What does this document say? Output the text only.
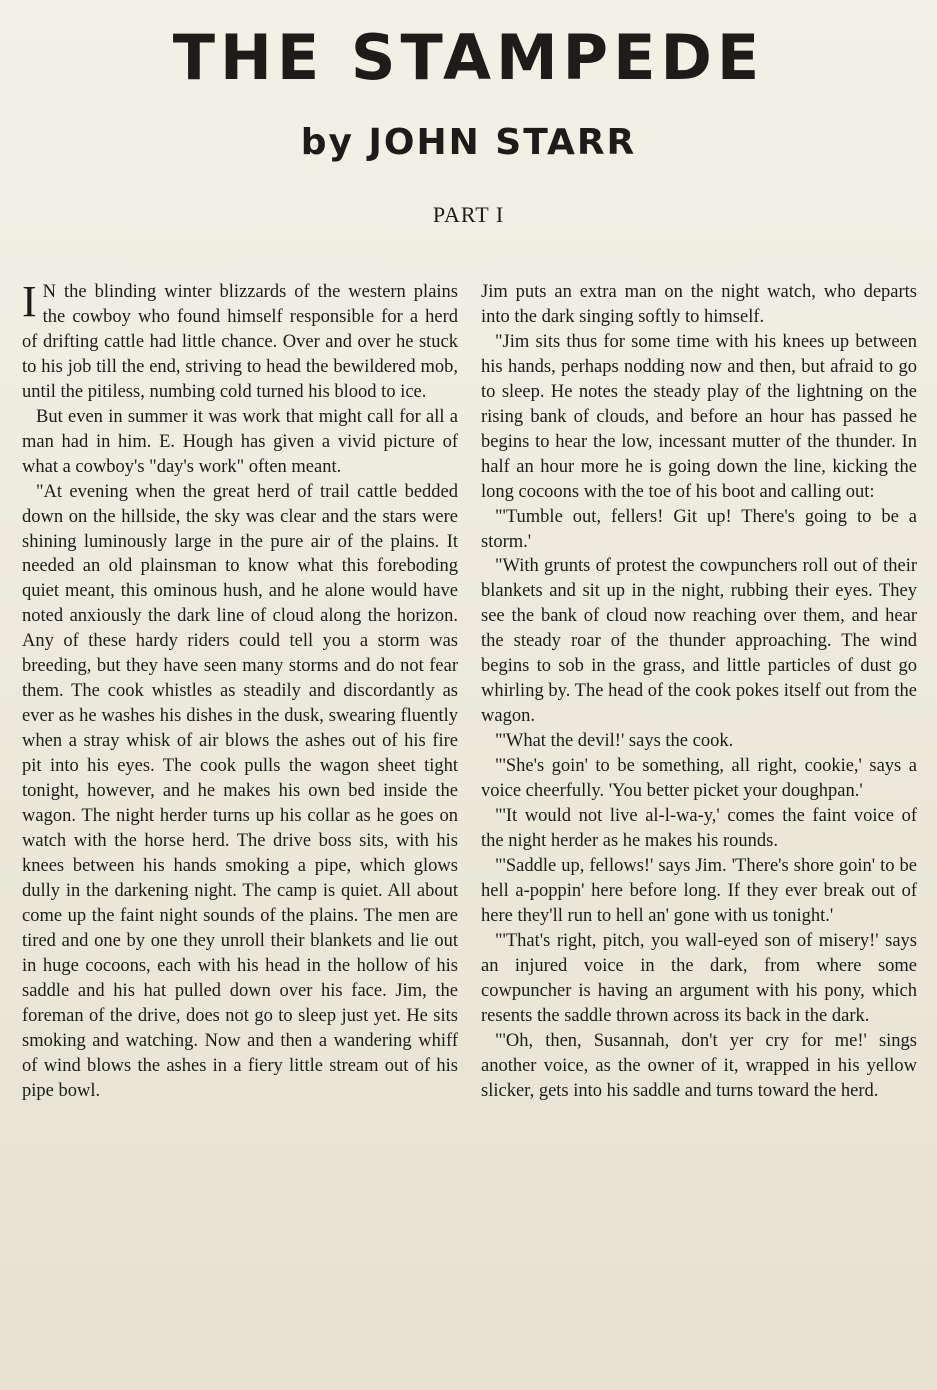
THE STAMPEDE
by JOHN STARR
PART I

I N the blinding winter blizzards of the western plains the cowboy who found himself responsible for a herd of drifting cattle had little chance. Over and over he stuck to his job till the end, striving to head the bewildered mob, until the pitiless, numbing cold turned his blood to ice.

But even in summer it was work that might call for all a man had in him. E. Hough has given a vivid picture of what a cowboy's "day's work" often meant.

"At evening when the great herd of trail cattle bedded down on the hillside, the sky was clear and the stars were shining luminously large in the pure air of the plains. It needed an old plainsman to know what this foreboding quiet meant, this ominous hush, and he alone would have noted anxiously the dark line of cloud along the horizon. Any of these hardy riders could tell you a storm was breeding, but they have seen many storms and do not fear them. The cook whistles as steadily and discordantly as ever as he washes his dishes in the dusk, swearing fluently when a stray whisk of air blows the ashes out of his fire pit into his eyes. The cook pulls the wagon sheet tight tonight, however, and he makes his own bed inside the wagon. The night herder turns up his collar as he goes on watch with the horse herd. The drive boss sits, with his knees between his hands smoking a pipe, which glows dully in the darkening night. The camp is quiet. All about come up the faint night sounds of the plains. The men are tired and one by one they unroll their blankets and lie out in huge cocoons, each with his head in the hollow of his saddle and his hat pulled down over his face. Jim, the foreman of the drive, does not go to sleep just yet. He sits smoking and watching. Now and then a wandering whiff of wind blows the ashes in a fiery little stream out of his pipe bowl.

Jim puts an extra man on the night watch, who departs into the dark singing softly to himself.

"Jim sits thus for some time with his knees up between his hands, perhaps nodding now and then, but afraid to go to sleep. He notes the steady play of the lightning on the rising bank of clouds, and before an hour has passed he begins to hear the low, incessant mutter of the thunder. In half an hour more he is going down the line, kicking the long cocoons with the toe of his boot and calling out:

"'Tumble out, fellers! Git up! There's going to be a storm.'

"With grunts of protest the cowpunchers roll out of their blankets and sit up in the night, rubbing their eyes. They see the bank of cloud now reaching over them, and hear the steady roar of the thunder approaching. The wind begins to sob in the grass, and little particles of dust go whirling by. The head of the cook pokes itself out from the wagon.

"'What the devil!' says the cook.

"'She's goin' to be something, all right, cookie,' says a voice cheerfully. 'You better picket your doughpan.'

"'It would not live al-l-wa-y,' comes the faint voice of the night herder as he makes his rounds.

"'Saddle up, fellows!' says Jim. 'There's shore goin' to be hell a-poppin' here before long. If they ever break out of here they'll run to hell an' gone with us tonight.'

"'That's right, pitch, you wall-eyed son of misery!' says an injured voice in the dark, from where some cowpuncher is having an argument with his pony, which resents the saddle thrown across its back in the dark.

"'Oh, then, Susannah, don't yer cry for me!' sings another voice, as the owner of it, wrapped in his yellow slicker, gets into his saddle and turns toward the herd.
